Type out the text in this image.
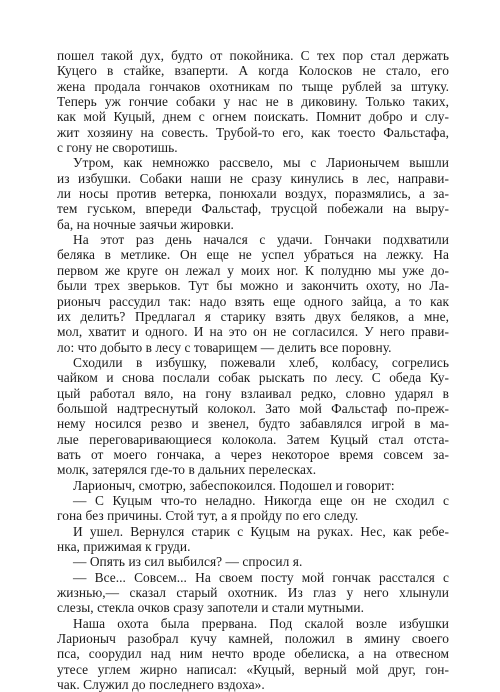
пошел такой дух, будто от покойника. С тех пор стал держать
Куцего в стайке, взаперти. А когда Колосков не стало, его
жена продала гончаков охотникам по тыще рублей за штуку.
Теперь уж гончие собаки у нас не в диковину. Только таких,
как мой Куцый, днем с огнем поискать. Помнит добро и слу-
жит хозяину на совесть. Трубой-то его, как тоесто Фальстафа,
с гону не своротишь.
Утром, как немножко рассвело, мы с Ларионычем вышли
из избушки. Собаки наши не сразу кинулись в лес, направи-
ли носы против ветерка, понюхали воздух, поразмялись, а за-
тем гуськом, впереди Фальстаф, трусцой побежали на выру-
ба, на ночные заячьи жировки.
На этот раз день начался с удачи. Гончаки подхватили
беляка в метлике. Он еще не успел убраться на лежку. На
первом же круге он лежал у моих ног. К полудню мы уже до-
были трех зверьков. Тут бы можно и закончить охоту, но Ла-
рионыч рассудил так: надо взять еще одного зайца, а то как
их делить? Предлагал я старику взять двух беляков, а мне,
мол, хватит и одного. И на это он не согласился. У него прави-
ло: что добыто в лесу с товарищем — делить все поровну.
Сходили в избушку, пожевали хлеб, колбасу, согрелись
чайком и снова послали собак рыскать по лесу. С обеда Ку-
цый работал вяло, на гону взлаивал редко, словно ударял в
большой надтреснутый колокол. Зато мой Фальстаф по-преж-
нему носился резво и звенел, будто забавлялся игрой в ма-
лые переговаривающиеся колокола. Затем Куцый стал отста-
вать от моего гончака, а через некоторое время совсем за-
молк, затерялся где-то в дальних перелесках.
Ларионыч, смотрю, забеспокоился. Подошел и говорит:
— С Куцым что-то неладно. Никогда еще он не сходил с
гона без причины. Стой тут, а я пройду по его следу.
И ушел. Вернулся старик с Куцым на руках. Нес, как ребе-
нка, прижимая к груди.
— Опять из сил выбился? — спросил я.
— Все... Совсем... На своем посту мой гончак расстался с
жизнью,— сказал старый охотник. Из глаз у него хлынули
слезы, стекла очков сразу запотели и стали мутными.
Наша охота была прервана. Под скалой возле избушки
Ларионыч разобрал кучу камней, положил в ямину своего
пса, соорудил над ним нечто вроде обелиска, а на отвесном
утесе углем жирно написал: «Куцый, верный мой друг, гон-
чак. Служил до последнего вздоха».
